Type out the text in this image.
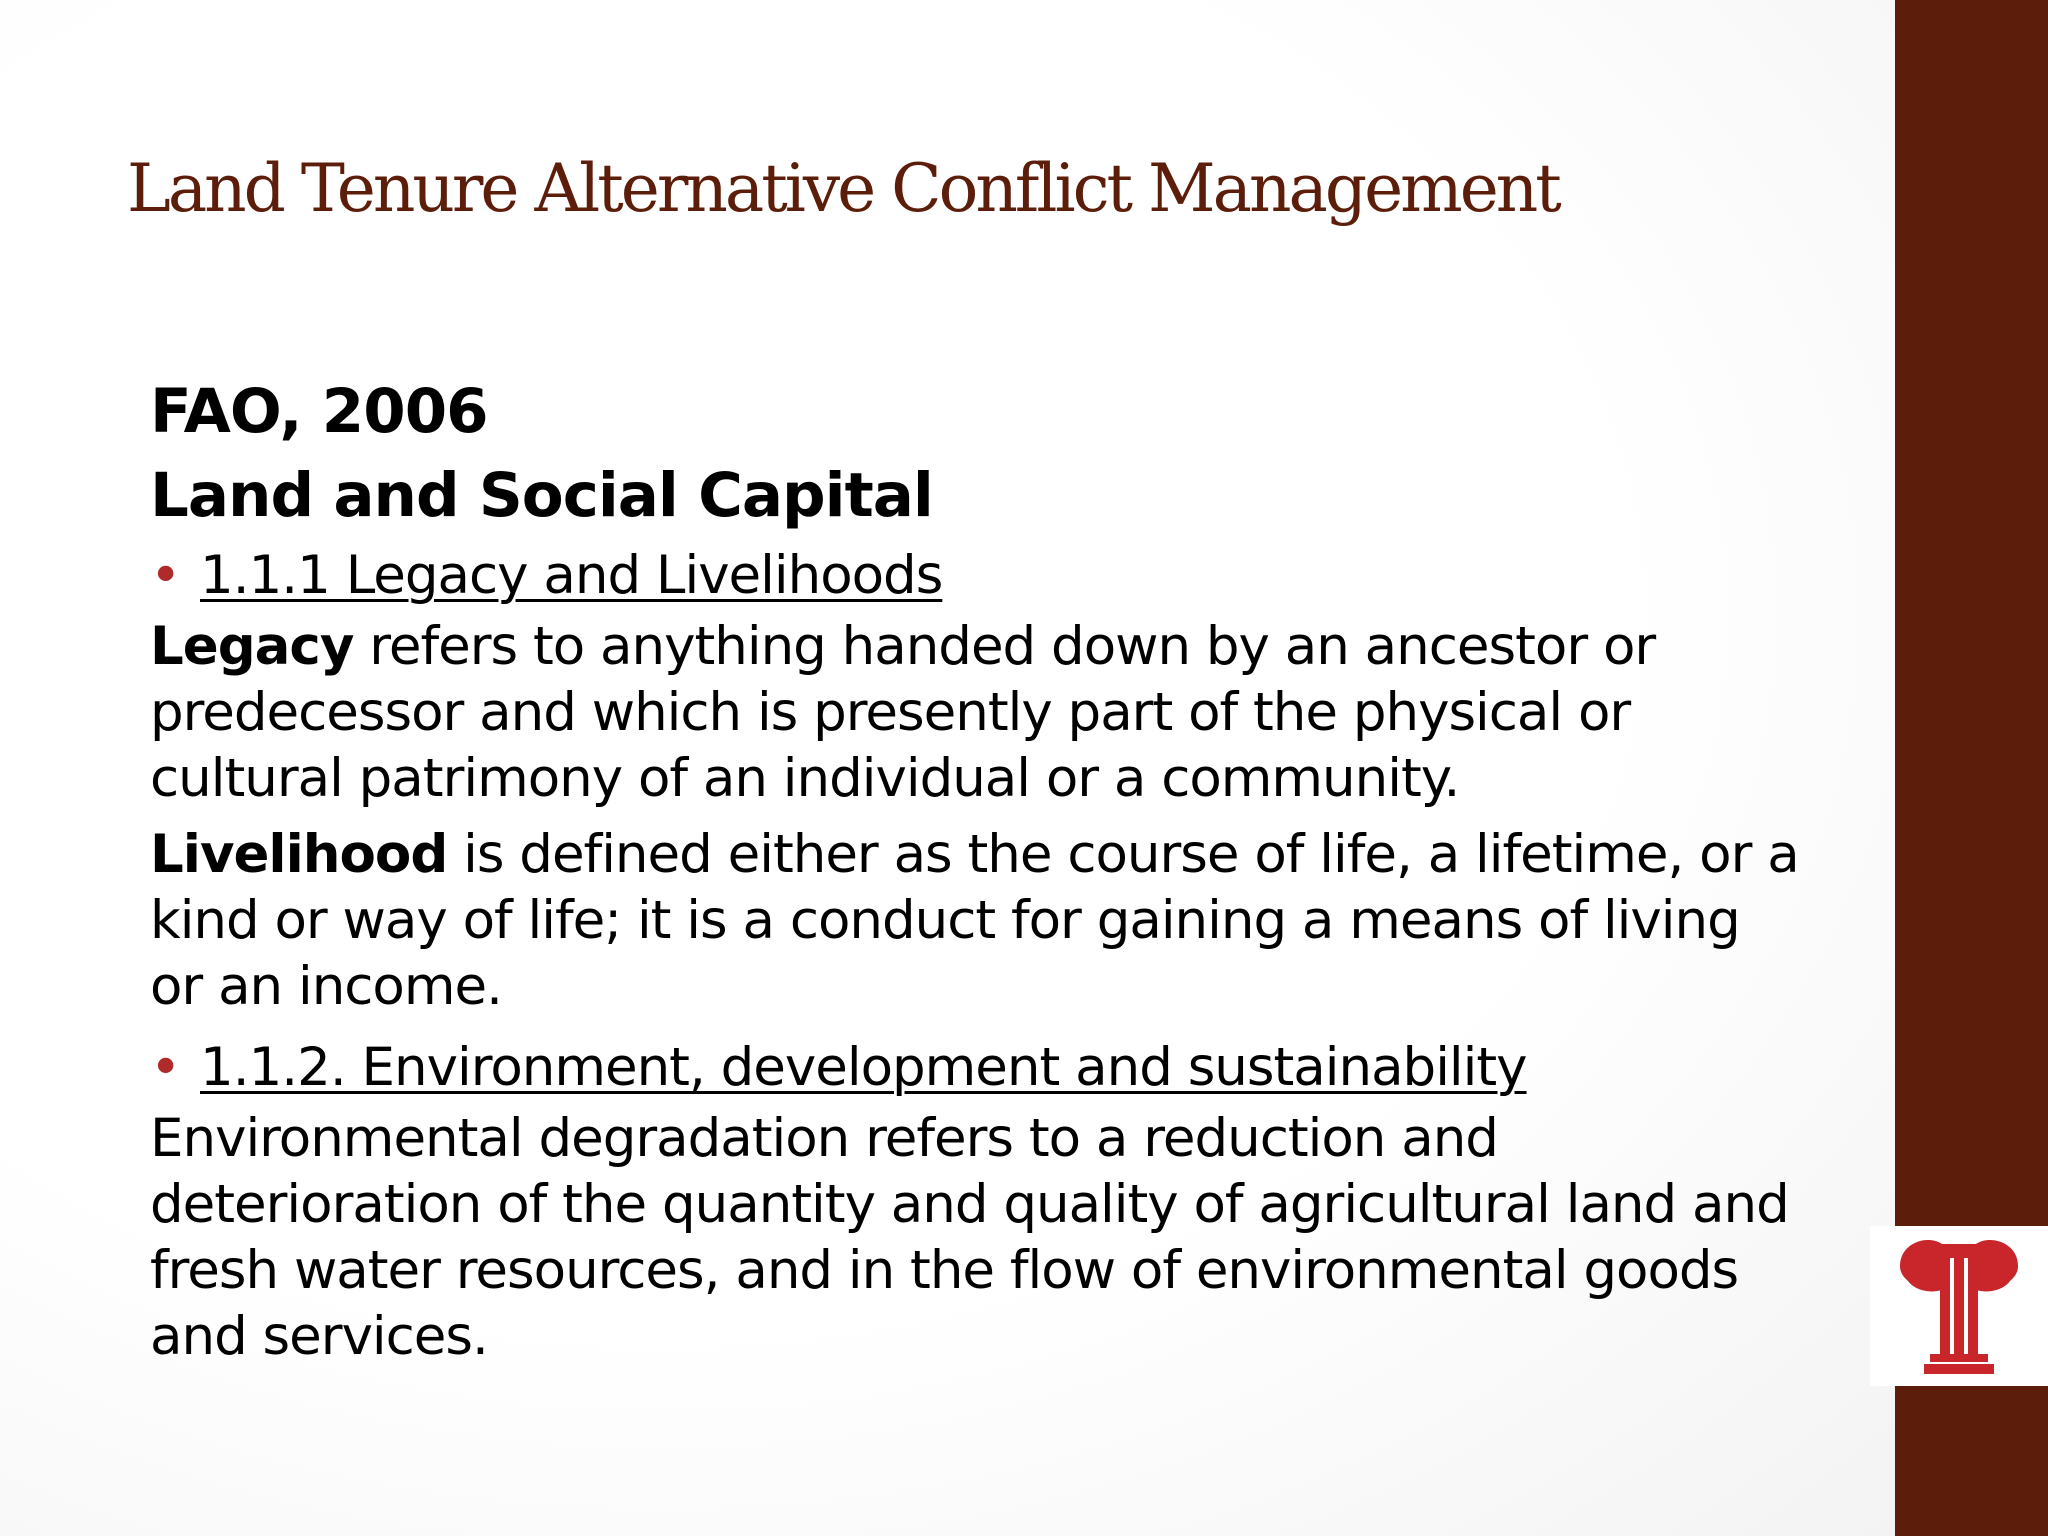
Land Tenure Alternative Conflict Management
FAO, 2006
Land and Social Capital
• 1.1.1 Legacy and Livelihoods

Legacy refers to anything handed down by an ancestor or predecessor and which is presently part of the physical or cultural patrimony of an individual or a community.

Livelihood is defined either as the course of life, a lifetime, or a kind or way of life; it is a conduct for gaining a means of living or an income.

• 1.1.2. Environment, development and sustainability

Environmental degradation refers to a reduction and deterioration of the quantity and quality of agricultural land and fresh water resources, and in the flow of environmental goods and services.
